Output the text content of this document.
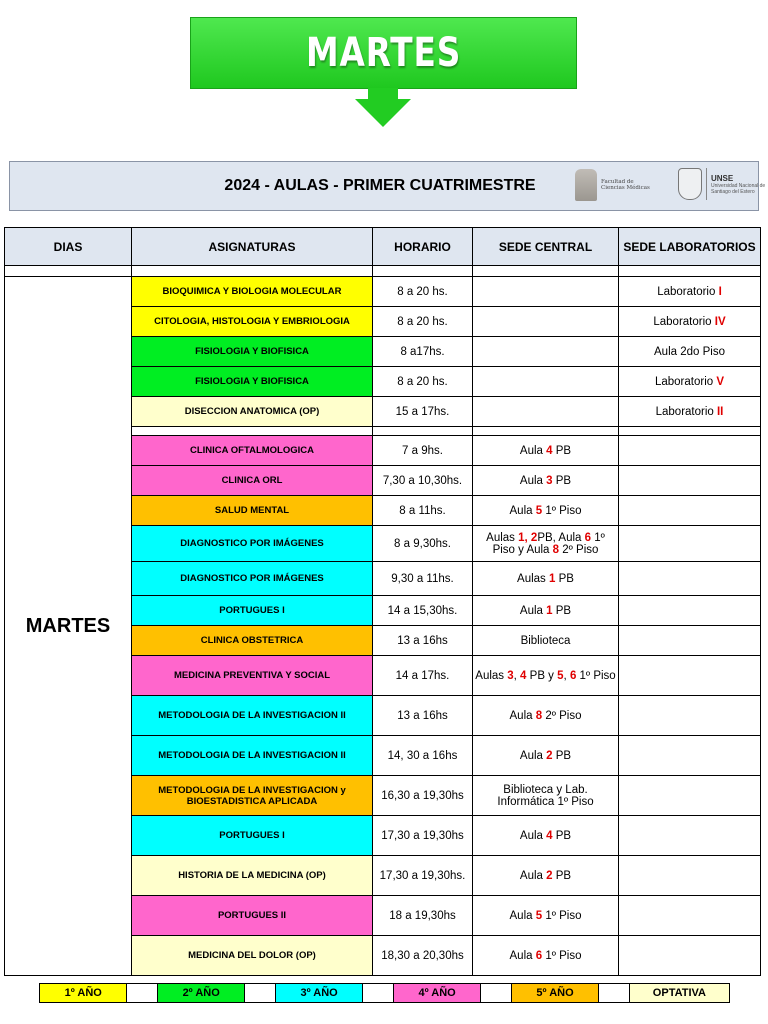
MARTES
2024 - AULAS - PRIMER CUATRIMESTRE	Facultad de Ciencias Médicas
UNSE
Universidad Nacional de Santiago del Estero
DIAS	ASIGNATURAS	HORARIO	SEDE CENTRAL	SEDE LABORATORIOS

MARTES	BIOQUIMICA Y BIOLOGIA MOLECULAR	8 a 20 hs.		Laboratorio I
	CITOLOGIA, HISTOLOGIA Y EMBRIOLOGIA	8 a 20 hs.		Laboratorio IV
	FISIOLOGIA Y BIOFISICA	8 a17hs.		Aula 2do Piso
	FISIOLOGIA Y BIOFISICA	8 a 20 hs.		Laboratorio V
	DISECCION ANATOMICA (OP)	15 a 17hs.		Laboratorio II

	CLINICA OFTALMOLOGICA	7 a 9hs.	Aula 4 PB	
	CLINICA ORL	7,30 a 10,30hs.	Aula 3 PB	
	SALUD MENTAL	8 a 11hs.	Aula 5 1º Piso	
	DIAGNOSTICO POR IMÁGENES	8 a 9,30hs.	Aulas 1, 2PB, Aula 6 1º Piso y Aula 8 2º Piso	
	DIAGNOSTICO POR IMÁGENES	9,30 a 11hs.	Aulas 1 PB	
	PORTUGUES I	14 a 15,30hs.	Aula 1 PB	
	CLINICA OBSTETRICA	13 a 16hs	Biblioteca	
	MEDICINA PREVENTIVA Y SOCIAL	14 a 17hs.	Aulas 3, 4 PB y 5, 6 1º Piso	
	METODOLOGIA DE LA INVESTIGACION II	13 a 16hs	Aula 8 2º Piso	
	METODOLOGIA DE LA INVESTIGACION II	14, 30 a 16hs	Aula 2 PB	
	METODOLOGIA DE LA INVESTIGACION y BIOESTADISTICA APLICADA	16,30 a 19,30hs	Biblioteca y Lab. Informática 1º Piso	
	PORTUGUES I	17,30 a 19,30hs	Aula 4 PB	
	HISTORIA DE LA MEDICINA (OP)	17,30 a 19,30hs.	Aula 2 PB	
	PORTUGUES II	18 a 19,30hs	Aula 5 1º Piso	
	MEDICINA DEL DOLOR (OP)	18,30 a 20,30hs	Aula 6 1º Piso	
1º AÑO	2º AÑO	3º AÑO	4º AÑO	5º AÑO	OPTATIVA
